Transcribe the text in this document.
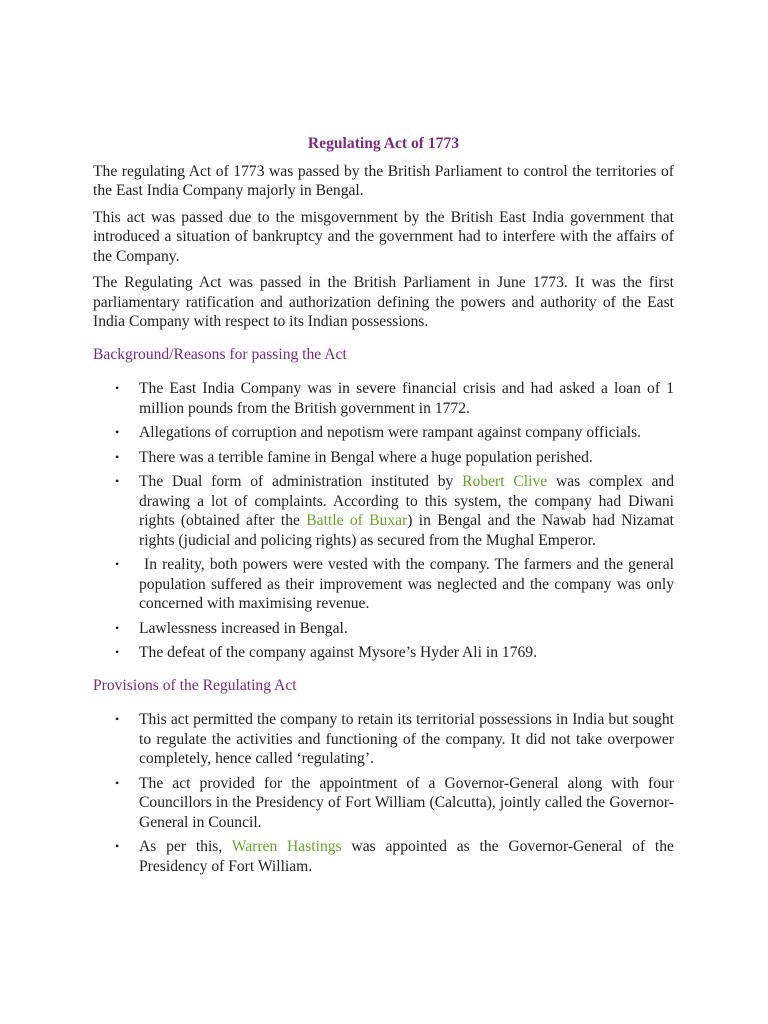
Regulating Act of 1773

The regulating Act of 1773 was passed by the British Parliament to control the territories of the East India Company majorly in Bengal.

This act was passed due to the misgovernment by the British East India government that introduced a situation of bankruptcy and the government had to interfere with the affairs of the Company.

The Regulating Act was passed in the British Parliament in June 1773. It was the first parliamentary ratification and authorization defining the powers and authority of the East India Company with respect to its Indian possessions.

Background/Reasons for passing the Act
• The East India Company was in severe financial crisis and had asked a loan of 1 million pounds from the British government in 1772.
• Allegations of corruption and nepotism were rampant against company officials.
• There was a terrible famine in Bengal where a huge population perished.
• The Dual form of administration instituted by Robert Clive was complex and drawing a lot of complaints. According to this system, the company had Diwani rights (obtained after the Battle of Buxar) in Bengal and the Nawab had Nizamat rights (judicial and policing rights) as secured from the Mughal Emperor.
• In reality, both powers were vested with the company. The farmers and the general population suffered as their improvement was neglected and the company was only concerned with maximising revenue.
• Lawlessness increased in Bengal.
• The defeat of the company against Mysore’s Hyder Ali in 1769.
Provisions of the Regulating Act
• This act permitted the company to retain its territorial possessions in India but sought to regulate the activities and functioning of the company. It did not take overpower completely, hence called ‘regulating’.
• The act provided for the appointment of a Governor-General along with four Councillors in the Presidency of Fort William (Calcutta), jointly called the Governor-General in Council.
• As per this, Warren Hastings was appointed as the Governor-General of the Presidency of Fort William.
